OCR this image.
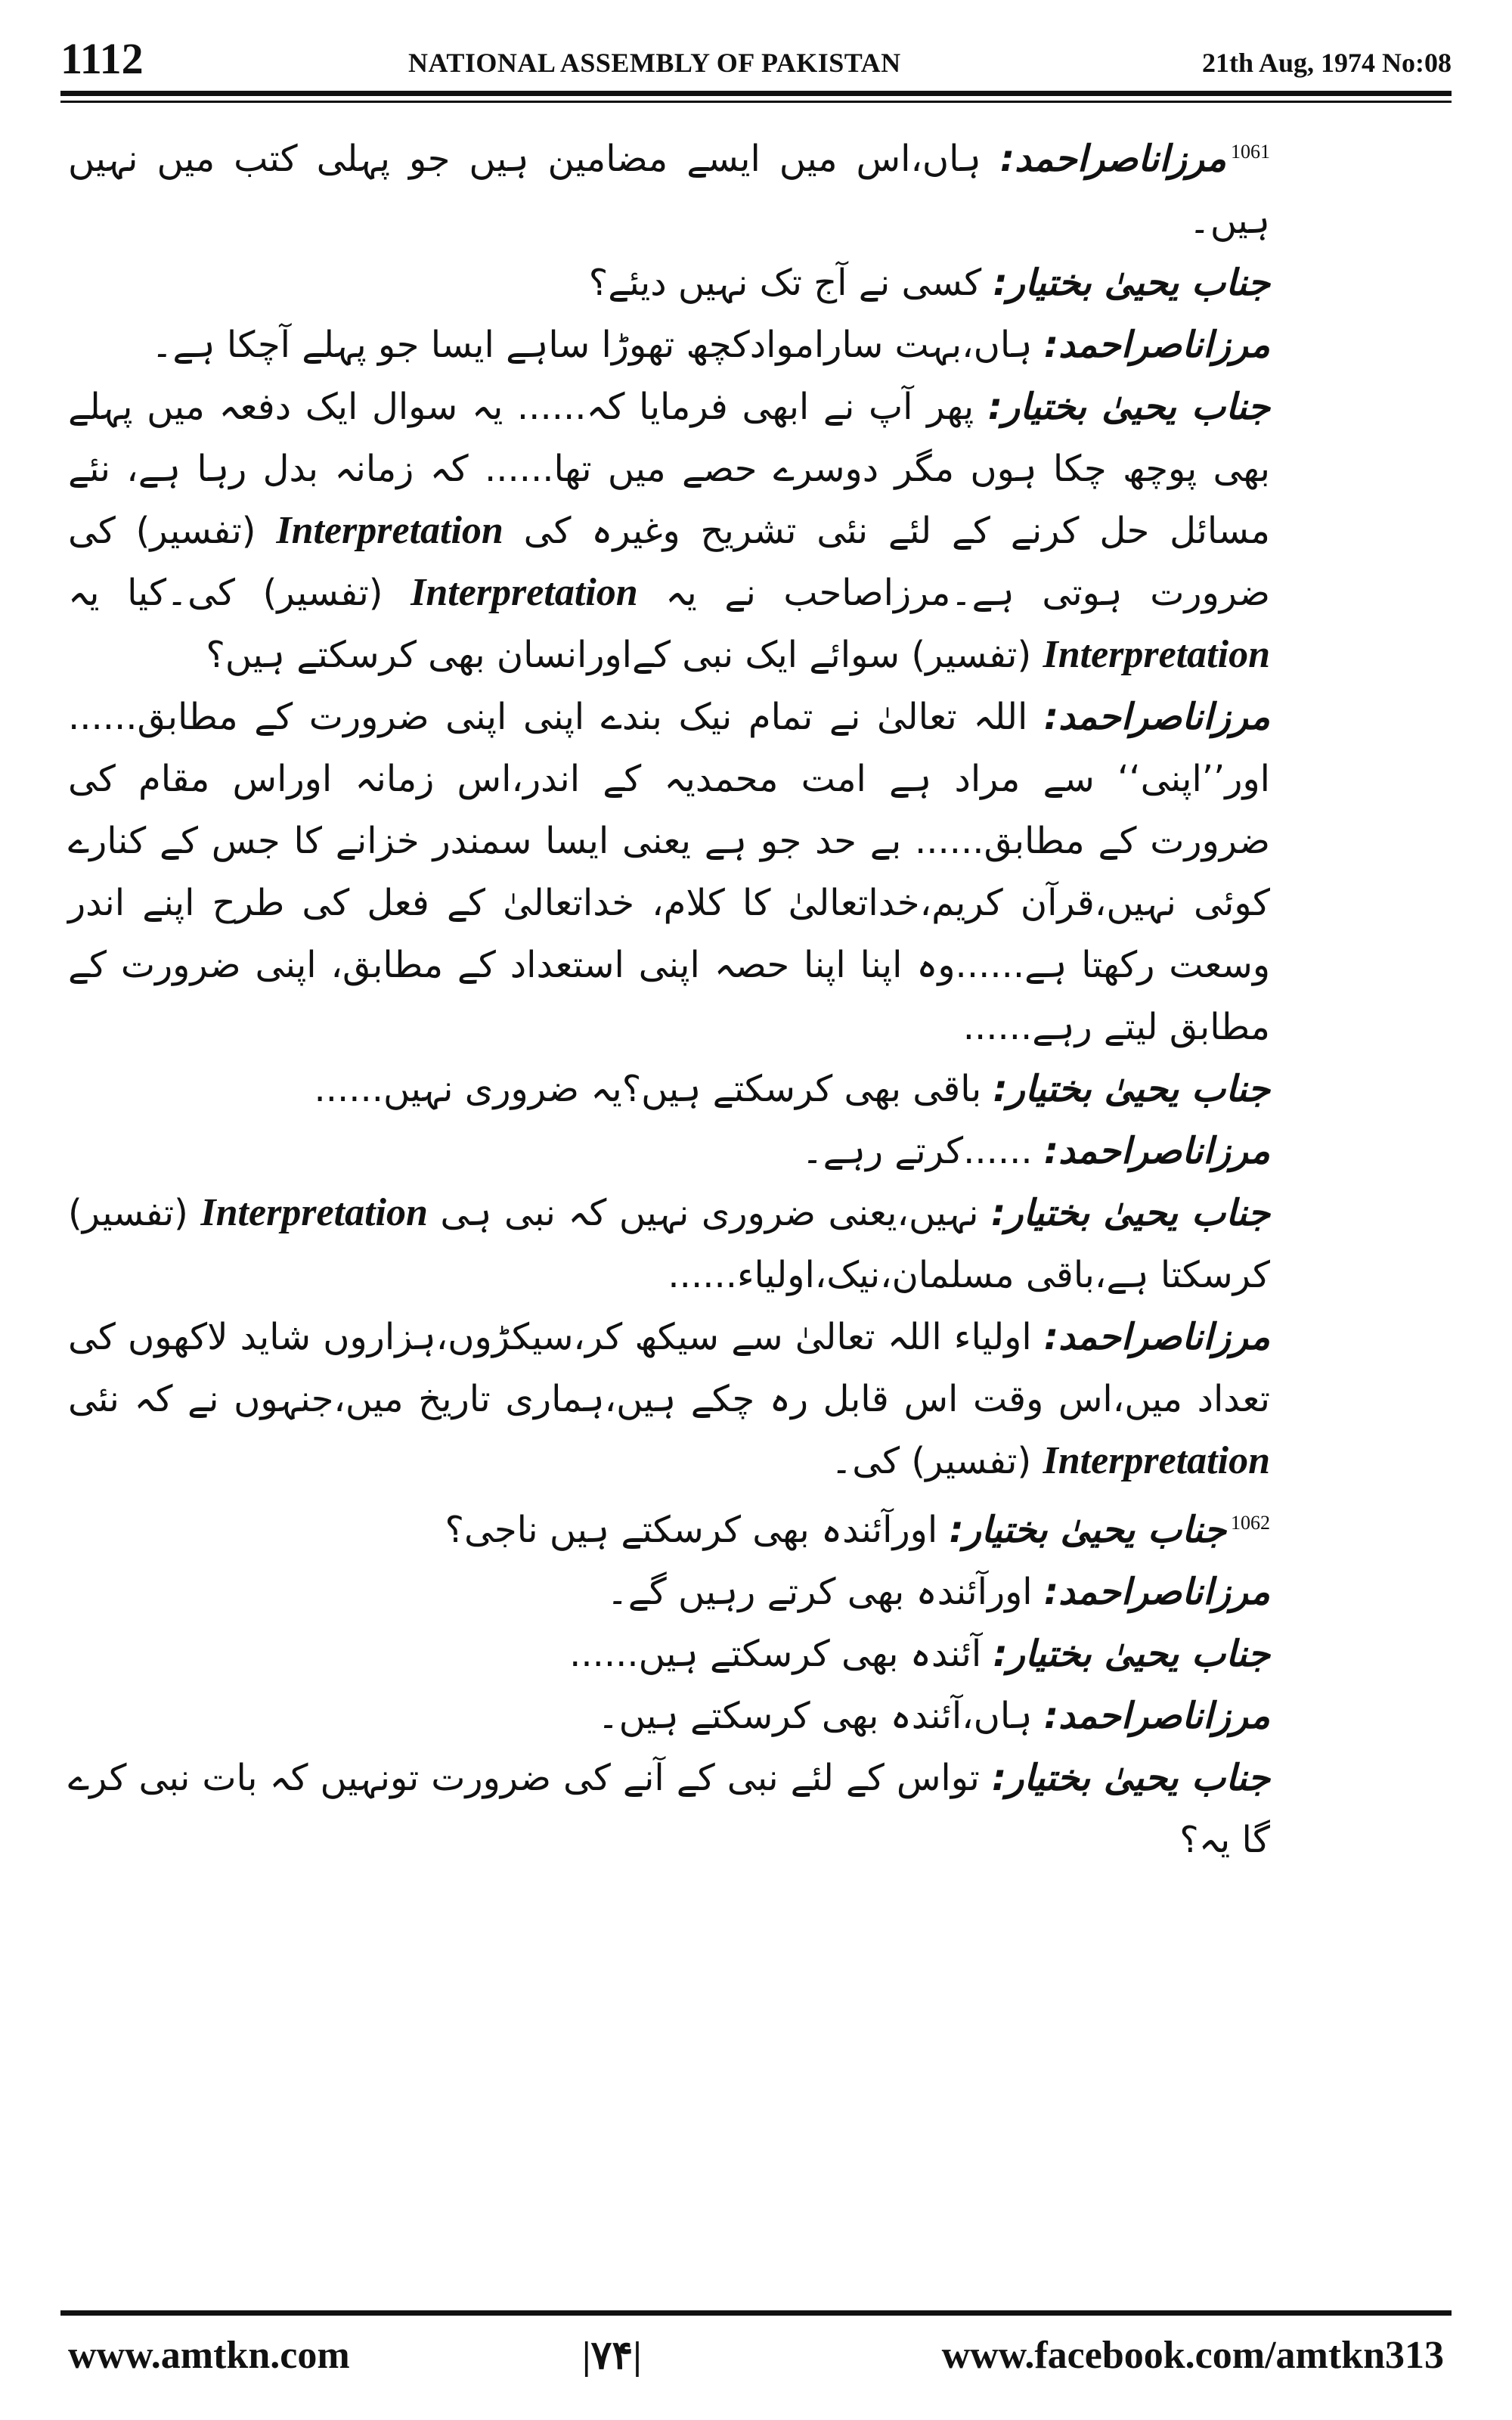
1112	NATIONAL ASSEMBLY OF PAKISTAN	21th Aug, 1974 No:08

$^{1061}$مرزاناصراحمد: ہاں،اس میں ایسے مضامین ہیں جو پہلی کتب میں نہیں ہیں۔

جناب یحییٰ بختیار: کسی نے آج تک نہیں دیئے؟

مرزاناصراحمد: ہاں،بہت ساراموادکچھ تھوڑا ساہے ایسا جو پہلے آچکا ہے۔

جناب یحییٰ بختیار: پھر آپ نے ابھی فرمایا کہ...... یہ سوال ایک دفعہ میں پہلے بھی پوچھ چکا ہوں مگر دوسرے حصے میں تھا...... کہ زمانہ بدل رہا ہے، نئے مسائل حل کرنے کے لئے نئی تشریح وغیرہ کی Interpretation (تفسیر) کی ضرورت ہوتی ہے۔مرزاصاحب نے یہ Interpretation (تفسیر) کی۔کیا یہ Interpretation (تفسیر) سوائے ایک نبی کےاورانسان بھی کرسکتے ہیں؟

مرزاناصراحمد: اللہ تعالیٰ نے تمام نیک بندے اپنی اپنی ضرورت کے مطابق...... اور’’اپنی‘‘ سے مراد ہے امت محمدیہ کے اندر،اس زمانہ اوراس مقام کی ضرورت کے مطابق...... بے حد جو ہے یعنی ایسا سمندر خزانے کا جس کے کنارے کوئی نہیں،قرآن کریم،خداتعالیٰ کا کلام، خداتعالیٰ کے فعل کی طرح اپنے اندر وسعت رکھتا ہے......وہ اپنا اپنا حصہ اپنی استعداد کے مطابق، اپنی ضرورت کے مطابق لیتے رہے......

جناب یحییٰ بختیار: باقی بھی کرسکتے ہیں؟یہ ضروری نہیں......

مرزاناصراحمد: ......کرتے رہے۔

جناب یحییٰ بختیار: نہیں،یعنی ضروری نہیں کہ نبی ہی Interpretation (تفسیر) کرسکتا ہے،باقی مسلمان،نیک،اولیاء......

مرزاناصراحمد: اولیاء اللہ تعالیٰ سے سیکھ کر،سیکڑوں،ہزاروں شاید لاکھوں کی تعداد میں،اس وقت اس قابل رہ چکے ہیں،ہماری تاریخ میں،جنہوں نے کہ نئی Interpretation (تفسیر) کی۔

$^{1062}$جناب یحییٰ بختیار: اورآئندہ بھی کرسکتے ہیں ناجی؟

مرزاناصراحمد: اورآئندہ بھی کرتے رہیں گے۔

جناب یحییٰ بختیار: آئندہ بھی کرسکتے ہیں......

مرزاناصراحمد: ہاں،آئندہ بھی کرسکتے ہیں۔

جناب یحییٰ بختیار: تواس کے لئے نبی کے آنے کی ضرورت تونہیں کہ بات نبی کرے گا یہ؟

www.amtkn.com	|۷۴|	www.facebook.com/amtkn313
